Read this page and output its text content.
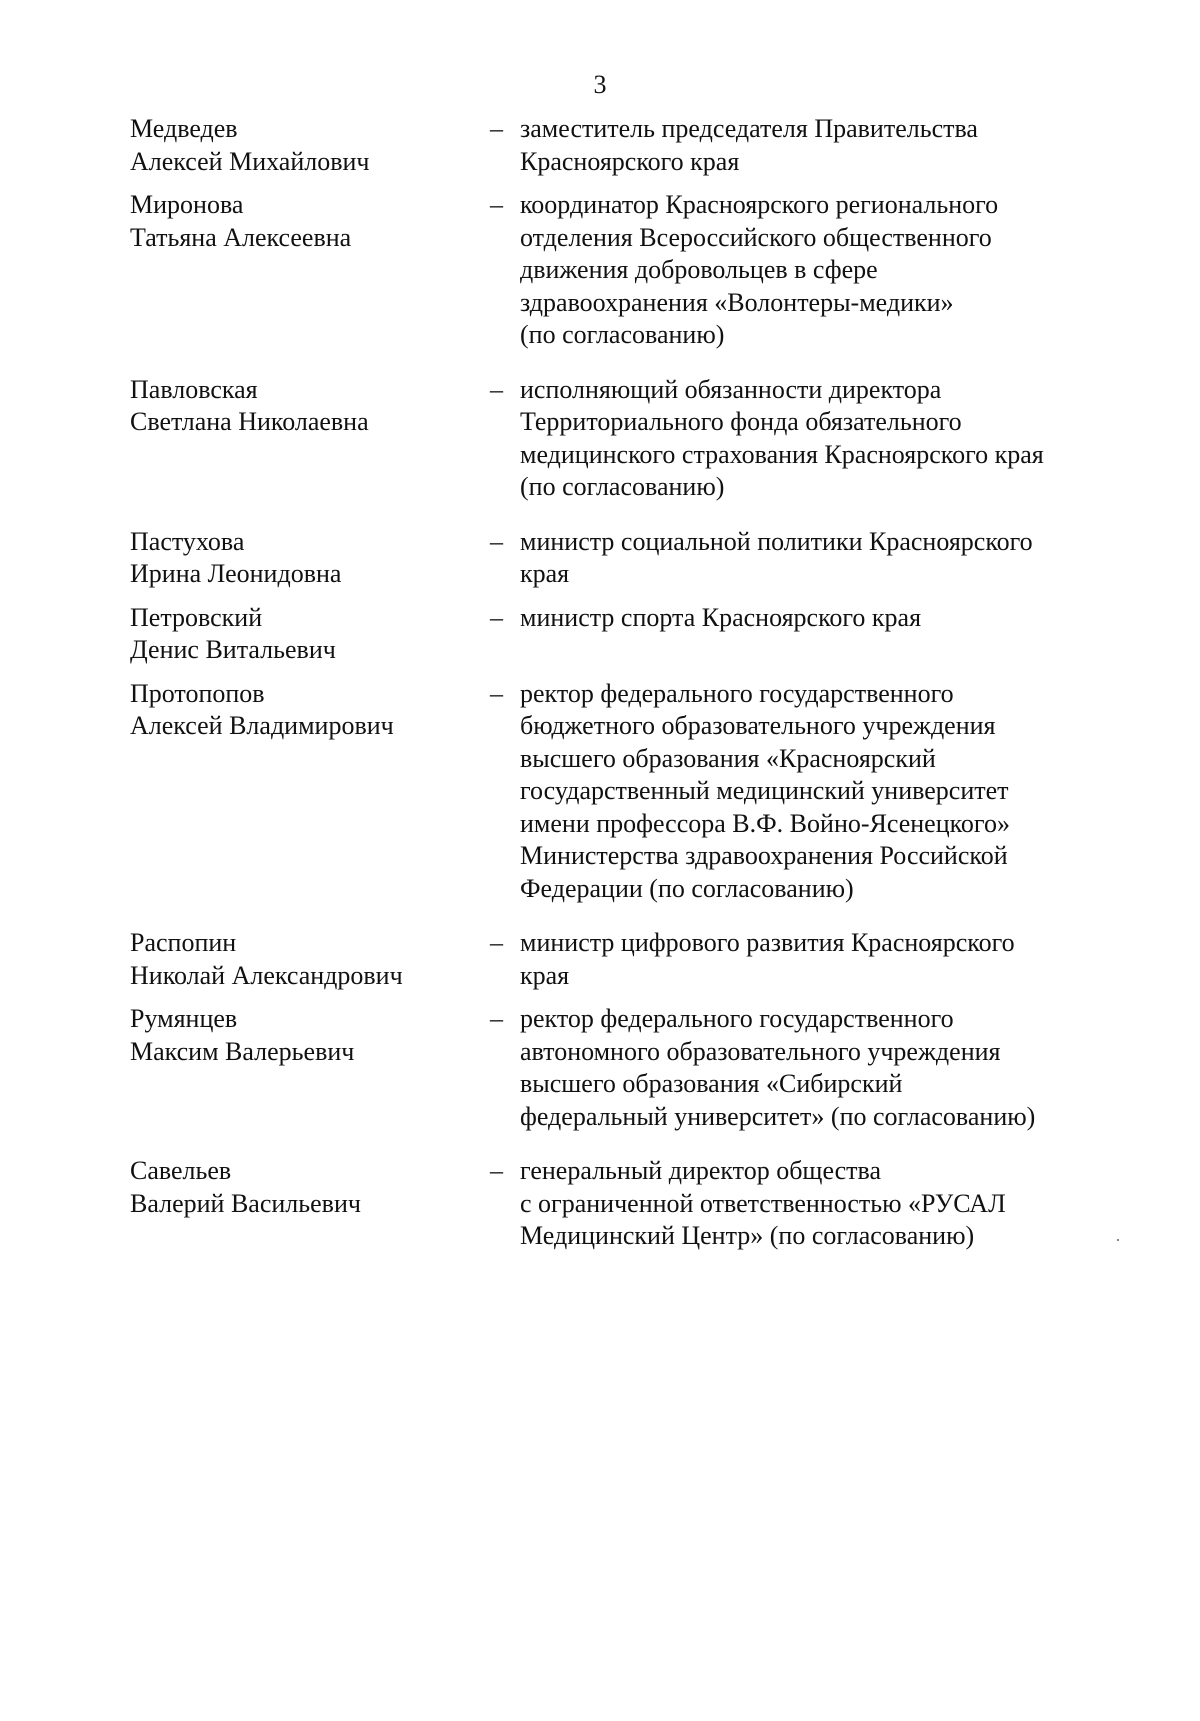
3
Медведев
Алексей Михайлович
– заместитель председателя Правительства
Красноярского края
Миронова
Татьяна Алексеевна
– координатор Красноярского регионального
отделения Всероссийского общественного
движения добровольцев в сфере
здравоохранения «Волонтеры-медики»
(по согласованию)
Павловская
Светлана Николаевна
– исполняющий обязанности директора
Территориального фонда обязательного
медицинского страхования Красноярского края
(по согласованию)
Пастухова
Ирина Леонидовна
– министр социальной политики Красноярского
края
Петровский
Денис Витальевич
– министр спорта Красноярского края
Протопопов
Алексей Владимирович
– ректор федерального государственного
бюджетного образовательного учреждения
высшего образования «Красноярский
государственный медицинский университет
имени профессора В.Ф. Войно-Ясенецкого»
Министерства здравоохранения Российской
Федерации (по согласованию)
Распопин
Николай Александрович
– министр цифрового развития Красноярского
края
Румянцев
Максим Валерьевич
– ректор федерального государственного
автономного образовательного учреждения
высшего образования «Сибирский
федеральный университет» (по согласованию)
Савельев
Валерий Васильевич
– генеральный директор общества
с ограниченной ответственностью «РУСАЛ
Медицинский Центр» (по согласованию)
